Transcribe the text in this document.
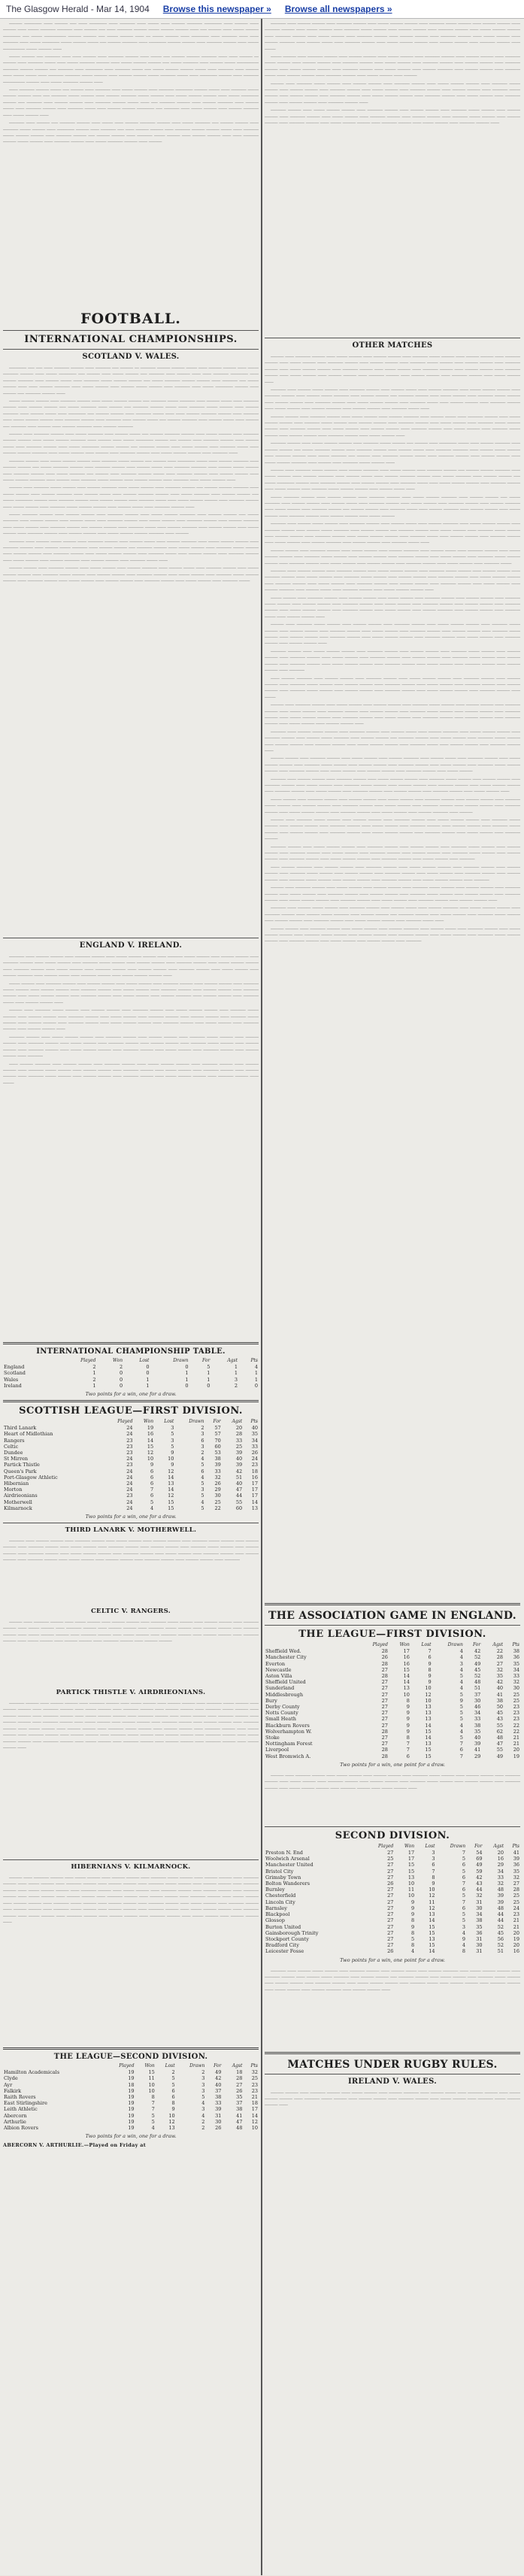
The Glasgow Herald - Mar 14, 1904 Browse this newspaper » Browse all newspapers »

______ ________ ____ ______ ___ ____ ________ ____ _______ ____ _____ ____ ______ _______ ________ ____ ______ ____ ______ ____ _____ _______ _______ ____ ______ ___ ____ _______ ______ _____ ______ ______ ____ ___ ______ ____ _____ ______ ________ ___ _____ __________ ______ ______ ___ _____ ______ ____ __ _____ ______ ____ ________ ____ _______ ____ ____ _______ ____ _____ ________ _____ ______ _____ ___ ______ _______ ____ ________ ______ ______ ____ _______ ______ ____ _____ __________ _____ ______ ____

_____ ______ ___ _______ ____ ____ ______ ____ _______ ______ ____ _____ ___ ______ ______ _______ ____ ____ ______ __ ______ ____ _______ _____ ____ _____ _______ ______ ____ _____ ______ ______ ___ _____ _______ ____ ______ _____ __________ _______ ______ ______ ___ _______ ____ ________ ____ _______ _____ ___ _____ ______ ______ _____ ____ _______ ____ ______ ____ _____ _____ ____ _______ _______ _____ ______ ____ ______ ______ _____ _______ _____ ____ ________ ______ ____ _______ __________ ______ ____ _____ _______ ______ ____

____ _______ ______ _____ ___ ______ ____ _______ ____ _____ ______ ____ _______ ________ ______ _____ ____ _______ _____ ______ ______ ____ ___ _______ _____ ______ ____ ______ _______ _____ ______ ____ _____ ______ ______ ____ _____ ________ ______ ___ _______ ____ ______ ______ ____ _______ ______ _____ ____ ___ _______ ______ ____ ______ _______ ____ ______ _____ ____ _______ ______ ____ _______ _____ ____ ______ ______ ________ ___ _______ ____ _____ ______ ____ ______ _______ ____ _____ ______ ____

_______ ____ ______ ___ _______ ______ ____ _____ ____ ______ _______ ______ ____ _____ _______ ___ ______ ______ ____ _______ _____ ______ ____ ________ ______ ____ _______ ___ ____ ______ ______ ____ _______ ______ ______ _____ ____ _______ _____ ______ ______ ____ _______ ______ ___ ______ ______ ____ _______ _____ ______ ____ ______ ______ ____ ____ _______ ______ _____ ______ ____ _______ ______ ____ _____ _______ ______ ____ ______

FOOTBALL.
INTERNATIONAL CHAMPIONSHIPS.
SCOTLAND V. WALES.

________ ___ ___ ____ _______ ______ ____ _______ ___ ______ __ _______ ______ ______ _____ ____ ______ ______ ____ _____ _______ ______ ____ _____ ________ ___ ______ ____ _____ ______ ___ _______ ____ ______ ____ ____ _______ ________ ____ ______ _______ ____ ______ _____ ____ _______ _____ ______ ______ ___ _____ _______ ______ ______ ____ _______ ___ _____ ______ ____ ____ ______ _______ ____ _____ ______ ____ ______ _____ ______ ____ _______ ____ _____ ________ ______ ____ ______ ___ _______ ______ ____

_____ ______ ______ ____ _______ ______ ____ _____ ______ ______ ___ _______ _____ _______ ____ ______ _____ ____ _______ ______ ____ ______ ______ ___ _____ _______ ____ ______ ___ _______ ______ _____ ____ _______ _____ ______ ____ ______ _______ ____ ______ _____ ____ ________ ___ ______ ______ ____ _______ _____ ____ ____ ______ _______ ______ ____ _______ ____ _____ ______ ______ ____ _______ ______ ____ _______ ____ ______ _____ ___ ______ _______ ____ ______ _____ ____ ______ ___ _______ ____ ______ ____ ______ _______ ____ ______ _______

______ ____ _______ ______ ____ _____ _______ ____ ______ _____ ___ ______ _______ ______ ____ _____ ______ ____ _______ ______ ______ ____ _____ ______ _______ ____ ______ ____ _____ ________ ______ ___ ______ ____ _______ ______ ____ ______ _____ ____ _______ ______ ____ _____ ________ ______ ______ ___ _______ ______ ____ _____ ______ ____ _______ _____ ____ ______ ______ _______ ____ _____ ______ ____ ______ ____ _______ ______ ____ _____ ______ ______ ____ _______ ____

_______ ______ ____ _____ ______ ______ ____ _______ _____ ______ ___ ______ ____ ________ _____ ____ ______ _______ ____ ______ ______ ___ _____ _______ ______ ____ _______ ______ ____ ______ _____ ____ _______ _______ ____ ______ _____ ______ ____ _______ ______ ____ _____ _______ ___ ______ ____ _______ ______ _____ ____ _______ ______ ____ ______ ______ ____ _____ ______ _______ ____ ______ ____ _______ _____ ______ ____ ______ ______ ____ _______ ____ _____ ______ ____

______ ____ _______ _____ ______ ____ ______ _______ ____ _____ ______ ____ _______ ______ ___ ______ ______ _______ ____ _____ ______ ____ ______ _______ ____ ______ _____ ____ ______ _______ ______ ____ _____ _______ ____ ______ ______ ___ _____ ________ ______ ____ _______ ______ ____ ______ ______ ____ _______ _____ ____ _____ ______ ______ ____ _______ ______ ____ _____ ______ ____ _______ _____ ______ ______ ____ ______ _____ ____ _______ ______ ____

_____ _______ ______ ____ ______ ______ ____ _______ ______ ____ _____ ______ _______ ____ ______ ______ ___ _____ _______ ____ ______ ______ ____ ______ _____ ____ _______ ______ ____ _____ ______ ____ _______ ______ ____ ______ _______ ____ _____ ______ ____ _______ ______ ___ ______ ______ ____ _______ _____ ____ ______ _______ ____ ______ ______ ____ _____ ______ ____ _______ ______ ____ ______ ______ ____ _____ ______ ______ _______ ____ ______

_______ ____ ______ _____ ______ ____ _______ ______ ____ ______ _____ ____ ______ _______ ____ _____ ______ ______ ____ _______ ______ ____ ______ _____ _______ ____ ______ ______ ___ _______ ______ ____ _____ ______ ____ _______ _____ ______ ____ ______ ______ ____ _______ ______ ____ _____ ______ ______ ____ _______ _____ ____ ______ ______ ____ _______ ______ ____ _____ ______ ____ ______ _______ ____ ______ ______ ____ _______ _____ ____

______ ______ ____ _______ ______ ____ _____ ______ ____ ______ _______ ____ ______ _____ ____ _______ ______ ____ _____ ______ ______ ____ _______ _____ ______ ____ ______ ______ ____ _______ ______ ____ _____ ______ ____ _______ _____ ______ ______ ____ _______ ______ ____ _____ ______ ____ ______ ______ ____ _______ ______ ____ _____ ______ ____ _______ _____

ENGLAND V. IRELAND.

_______ ____ ______ ______ ____ _______ ______ ____ _____ ______ ______ ____ _______ _____ ______ ____ ______ ______ ____ _______ ______ ____ _____ ______ ____ _______ _____ ______ ____ ______ ______ ____ _______ ______ ____ _____ ______ ______ ____ _______ ______ ____ _____ ______ ____ _______ ______ ____ ______ ______ ____ _______ ______ ____ _____ ______ ____ ______ _______ ____ ______ _____ ____ _______ ______ ____ _____ ______ ______ ____

_____ ______ ____ _______ ______ ____ ______ ______ ____ _____ ______ ____ _______ ______ ____ ______ ______ ____ _______ _____ ______ ____ ______ ______ ____ _______ ______ ____ _____ ______ ____ _______ ______ ____ ______ ______ ____ _______ ______ ____ _____ ______ ______ ____ _______ ______ ____ _____ ______ ____ ______ _______ ____ ______ ______ ____ _______ _____ ____ ______ ______ ____

______ ____ _______ _____ ______ ____ ______ ______ ____ _______ ______ ____ _____ ______ ______ ____ _______ _____ ______ ____ ______ ______ ____ _______ ______ ____ _____ ______ ____ _______ ______ ____ ______ ______ ____ _______ _____ ______ ____ ______ ______ ____ _______ ______ ____ _____ ______ ______ ____ _______ ______ ____ _____ ______ ____ _______ ______ ____ ______ ______ ____

_______ ______ ____ _____ ______ ______ ____ _______ ______ ____ ______ ______ ____ _______ _____ ______ ____ ______ ______ ____ _______ ______ ____ _____ ______ ____ _______ ______ ____ ______ ______ ____ _______ _____ ______ ____ ______ ______ ____ _______ ______ ____ _____ ______ ______ ____ _______ ______ ____ _____ ______ ____ _______ ______ ____ ______ ______ ____ _______

____ ______ _______ ____ ______ ______ ____ _______ ______ ____ _____ ______ ______ ____ _______ ______ ____ ______ ______ ____ _______ _____ ______ ____ ______ ______ ____ _______ ______ ____ _____ ______ ____ _______ ______ ____ ______ ______ ____ _______ _____ ______ ____ ______ ______ ____ _______ ______ ____ _____ ______ ______ ____ _______ ______ ____ _____

INTERNATIONAL CHAMPIONSHIP TABLE.
	Played	Won	Lost	Drawn	For	Agst	Pts
England	2	2	0	0	5	1	4
Scotland	1	0	0	1	1	1	1
Wales	2	0	1	1	1	3	1
Ireland	1	0	1	0	0	2	0
Two points for a win, one for a draw.
SCOTTISH LEAGUE—FIRST DIVISION.
	Played	Won	Lost	Drawn	For	Agst	Pts
Third Lanark	24	19	3	2	57	20	40
Heart of Midlothian	24	16	5	3	57	28	35
Rangers	23	14	3	6	70	33	34
Celtic	23	15	5	3	60	25	33
Dundee	23	12	9	2	53	39	26
St Mirren	24	10	10	4	38	40	24
Partick Thistle	23	9	9	5	39	39	23
Queen's Park	24	6	12	6	33	42	18
Port-Glasgow Athletic	24	6	14	4	32	51	16
Hibernian	24	6	13	5	26	40	17
Morton	24	7	14	3	29	47	17
Airdrieonians	23	6	12	5	30	44	17
Motherwell	24	5	15	4	25	55	14
Kilmarnock	24	4	15	5	22	60	13
Two points for a win, one for a draw.
THIRD LANARK V. MOTHERWELL.

_______ ____ ______ ______ ____ _______ ______ ____ _____ ______ ____ ______ ______ ____ _______ _____ ______ ____ ______ ______ ____ _______ ______ ____ _____ ______ ____ _______ ______ ____ ______ ______ ____ _______ _____ ______ ____ ______ ______ ____ _______ ______ ____ _____ ______ ______ ____ _______ ______ ____ _____ ______ ____ _______ ______ ____ ______ ______ ____ _______ ______ ____ _____ ______ ____ ______ ______ ____ _______ ______ ____ ______ ______ ____ _______

CELTIC V. RANGERS.

______ ____ _______ ______ ____ _____ ______ ____ ______ ______ ____ _______ _____ ______ ____ ______ ______ ____ _______ ______ ____ _____ ______ ____ _______ ______ ____ ______ ______ ____ _______ _____ ______ ____ ______ ______ ____ _______ ______ ____ _____ ______ ______ ____ _______ ______ ____ _____ ______ ____ _______ ______ ____ ______ ______ ____ _______ ______ ____ _____ ______ ____ ______ ______ ____ _______ ______ ____ ______ ______

PARTICK THISTLE V. AIRDRIEONIANS.

_______ ______ ____ ______ ______ ____ _______ ______ ____ _____ ______ ____ ______ ______ ____ _______ _____ ______ ____ ______ ______ ____ _______ ______ ____ _____ ______ ____ _______ ______ ____ ______ ______ ____ _______ _____ ______ ____ ______ ______ ____ _______ ______ ____ _____ ______ ______ ____ _______ ______ ____ _____ ______ ____ _______ ______ ____ ______ ______ ____ _______ ______ ____ _____ ______ ____ ______ ______ ____ _______ ______ ____ ______ ______ ____ _______ ______ ____ _____ ______ ____ ______ ______ ____ _______ _____ ______ ____ ______ ______ ____ _______ ______ ____ _____ ______ ____ _______ ______ ____ ______ ______ ____ _______ _____ ______ ____ ______ ______ ____ _______ ______ ____ _____ ______ ______ ____ _______ ______ ____ _____ ______ ____ _______ ______ ____ ______ ______ ____ _______ ______ ____ _____ ______ ____

HIBERNIANS V. KILMARNOCK.

______ ____ _______ ______ ____ _____ ______ ____ ______ ______ ____ _______ _____ ______ ____ ______ ______ ____ _______ ______ ____ _____ ______ ____ _______ ______ ____ ______ ______ ____ _______ _____ ______ ____ ______ ______ ____ _______ ______ ____ _____ ______ ______ ____ _______ ______ ____ _____ ______ ____ _______ ______ ____ ______ ______ ____ _______ ______ ____ _____ ______ ____ ______ ______ ____ _______ ______ ____ ______ ______ ____ _______ ______ ____ _____ ______ ____ ______ ______ ____ _______ _____ ______ ____ ______ ______ ____ _______ ______ ____ _____ ______ ____ _______ ______ ____ ______ ______ ____ _______ _____ ______ ____ ______ ______ ____ _______ ______ ____ _____ ______ ______ ____ _______ ______ ____ _____ ______ ____ _______ ______ ____ ______ ______ ____ _______ ______ ____ _____ ______ ____ ______ ______ ____

THE LEAGUE—SECOND DIVISION.
	Played	Won	Lost	Drawn	For	Agst	Pts
Hamilton Academicals	19	15	2	2	49	18	32
Clyde	19	11	5	3	42	28	25
Ayr	18	10	5	3	40	27	23
Falkirk	19	10	6	3	37	26	23
Raith Rovers	19	8	6	5	38	35	21
East Stirlingshire	19	7	8	4	33	37	18
Leith Athletic	19	7	9	3	39	38	17
Abercorn	19	5	10	4	31	41	14
Arthurlie	19	5	12	2	30	47	12
Albion Rovers	19	4	13	2	26	48	10
Two points for a win, one for a draw.
ABERCORN V. ARTHURLIE.—Played on Friday at

_______ ____ ______ ______ ____ _______ ______ ____ _____ ______ ______ ____ _______ _____ ______ ____ ______ ______ ____ _______ ______ ____ _____ ______ ____ _______ _____ ______ ____ ______ ______ ____ _______ ______ ____ _____ ______ ______ ____ _______ ______ ____ _____ ______ ____ _______ ______ ____ ______ ______ ____ _______ ______ ____ _____ ______ ____ ______ _______ ____ ______ _____ ____ _______ ______ ____ _____ ______ ______ ____ ______ ______ ____ _______ ______ ____ _____

_____ ______ ____ _______ ______ ____ ______ ______ ____ _____ ______ ____ _______ ______ ____ ______ ______ ____ _______ _____ ______ ____ ______ ______ ____ _______ ______ ____ _____ ______ ____ _______ ______ ____ ______ ______ ____ _______ ______ ____ _____ ______ ______ ____ _______ ______ ____ _____ ______ ____ ______ _______ ____ ______ ______ ____ _______ _____ ____ ______ ______ ____ _______ ______ ____ _____ ______ ____ ______

______ ____ _______ _____ ______ ____ ______ ______ ____ _______ ______ ____ _____ ______ ______ ____ _______ _____ ______ ____ ______ ______ ____ _______ ______ ____ _____ ______ ____ _______ ______ ____ ______ ______ ____ _______ _____ ______ ____ ______ ______ ____ _______ ______ ____ _____ ______ ______ ____ _______ ______ ____ _____ ______ ____ _______ ______ ____ ______ ______ ____ _______ ______ ____

_______ ______ ____ _____ ______ ______ ____ _______ ______ ____ ______ ______ ____ _______ _____ ______ ____ ______ ______ ____ _______ ______ ____ _____ ______ ____ _______ ______ ____ ______ ______ ____ _______ _____ ______ ____ ______ ______ ____ _______ ______ ____ _____ ______ ______ ____ _______ ______ ____ _____ ______ ____ _______ ______ ____

OTHER MATCHES

______ ____ _______ ______ ____ _____ ______ ____ ______ ______ ____ _______ _____ ______ ____ ______ ______ ____ _______ ______ ____ _____ ______ ____ _______ ______ ____ ______ ______ ____ _______ _____ ______ ____ ______ ______ ____ _______ ______ ____ _____ ______ ______ ____ _______ ______ ____ _____ ______ ____ _______ ______ ____ ______ ______ ____ _______ ______ ____ _____ ______ ____ ______ ______ ____ _______ ______ ____ ______ ______ ____ _______ ______ ____ _____ ______ ____

_______ ____ ______ _____ ______ ____ _______ ______ ____ ______ _____ ____ ______ _______ ____ _____ ______ ______ ____ _______ ______ ____ ______ _____ _______ ____ ______ ______ ___ _______ ______ ____ _____ ______ ____ _______ _____ ______ ____ ______ ______ ____ _______ ______ ____ _____ ______ ______ ____ _______ _____ ____ ______ ______ ____ _______ ______ ____ _____ ______ ____ ______ _______ ____ ______ ______ ____ _______ _____ ____

______ ______ ____ _______ ______ ____ _____ ______ ____ ______ _______ ____ ______ _____ ____ _______ ______ ____ _____ ______ ______ ____ _______ _____ ______ ____ ______ ______ ____ _______ ______ ____ _____ ______ ____ _______ _____ ______ ______ ____ _______ ______ ____ _____ ______ ____ ______ ______ ____ _______ ______ ____ _____ ______ ____ _______ _____ ______ ____ ______ ______ ____ _______ ______ ____ _____ ______ ____

_______ ______ ____ _____ ______ ______ ____ _______ _____ ______ ___ ______ ____ ________ _____ ____ ______ _______ ____ ______ ______ ___ _____ _______ ______ ____ _______ ______ ____ ______ _____ ____ _______ _______ ____ ______ _____ ______ ____ _______ ______ ____ _____ _______ ___ ______ ____ _______ ______ _____ ____ _______ ______ ____ ______ ______ ____ _____ ______ _______ ____ ______ ____ _______ _____ ______ ____

______ ____ _______ _____ ______ ____ ______ _______ ____ _____ ______ ____ _______ ______ ___ ______ ______ _______ ____ _____ ______ ____ ______ _______ ____ ______ _____ ____ ______ _______ ______ ____ _____ _______ ____ ______ ______ ___ _____ ________ ______ ____ _______ ______ ____ ______ ______ ____ _______ _____ ____ _____ ______ ______ ____ _______ ______ ____ _____ ______ ____ _______ _____ ______ ______ ____ ______ _____ ____

_____ _______ ______ ____ ______ ______ ____ _______ ______ ____ _____ ______ _______ ____ ______ ______ ___ _____ _______ ____ ______ ______ ____ ______ _____ ____ _______ ______ ____ _____ ______ ____ _______ ______ ____ ______ _______ ____ _____ ______ ____ _______ ______ ___ ______ ______ ____ _______ _____ ____ ______ _______ ____ ______ ______ ____ _____ ______ ____ _______ ______ ____ ______ ______ ____ _____ ______

_______ ____ ______ _____ ______ ____ _______ ______ ____ ______ _____ ____ ______ _______ ____ _____ ______ ______ ____ _______ ______ ____ ______ _____ _______ ____ ______ ______ ___ _______ ______ ____ _____ ______ ____ _______ _____ ______ ____ ______ ______ ____ _______ ______ ____ _____ ______ ______ ____ _______ _____ ____ ______ ______ ____ _______ ______ ____ _____ ______ ____ ______ _______ ____ ______ ______ ____ _______ _____ ____

______ ______ ____ _______ ______ ____ _____ ______ ____ ______ _______ ____ ______ _____ ____ _______ ______ ____ _____ ______ ______ ____ _______ _____ ______ ____ ______ ______ ____ _______ ______ ____ _____ ______ ____ _______ _____ ______ ______ ____ _______ ______ ____ _____ ______ ____ ______ ______ ____ _______ ______ ____ _____ ______ ____ _______ _____

_______ ____ ______ ______ ____ _______ ______ ____ _____ ______ ______ ____ _______ _____ ______ ____ ______ ______ ____ _______ ______ ____ _____ ______ ____ _______ _____ ______ ____ ______ ______ ____ _______ ______ ____ _____ ______ ______ ____ _______ ______ ____ _____ ______ ____ _______ ______ ____ ______ ______ ____ _______ ______ ____ _____ ______ ____ ______ _______ ____ ______ _____ ____ _______ ______ ____ _____ ______ ______ ____

_____ ______ ____ _______ ______ ____ ______ ______ ____ _____ ______ ____ _______ ______ ____ ______ ______ ____ _______ _____ ______ ____ ______ ______ ____ _______ ______ ____ _____ ______ ____ _______ ______ ____ ______ ______ ____ _______ ______ ____ _____ ______ ______ ____ _______ ______ ____ _____ ______ ____ ______ _______ ____ ______ ______ ____ _______ _____ ____ ______ ______ ____

______ ____ _______ _____ ______ ____ ______ ______ ____ _______ ______ ____ _____ ______ ______ ____ _______ _____ ______ ____ ______ ______ ____ _______ ______ ____ _____ ______ ____ _______ ______ ____ ______ ______ ____ _______ _____ ______ ____ ______ ______ ____ _______ ______ ____ _____ ______ ______ ____ _______ ______ ____ _____ ______ ____ _______ ______ ____ ______ ______ ____

_______ ______ ____ _____ ______ ______ ____ _______ ______ ____ ______ ______ ____ _______ _____ ______ ____ ______ ______ ____ _______ ______ ____ _____ ______ ____ _______ ______ ____ ______ ______ ____ _______ _____ ______ ____ ______ ______ ____ _______ ______ ____ _____ ______ ______ ____ _______ ______ ____ _____ ______ ____ _______ ______ ____ ______ ______ ____ _______

____ ______ _______ ____ ______ ______ ____ _______ ______ ____ _____ ______ ______ ____ _______ ______ ____ ______ ______ ____ _______ _____ ______ ____ ______ ______ ____ _______ ______ ____ _____ ______ ____ _______ ______ ____ ______ ______ ____ _______ _____ ______ ____ ______ ______ ____ _______ ______ ____ _____ ______ ______ ____ _______ ______ ____ _____

______ ____ _______ ______ ____ _____ ______ ____ ______ ______ ____ _______ _____ ______ ____ ______ ______ ____ _______ ______ ____ _____ ______ ____ _______ ______ ____ ______ ______ ____ _______ _____ ______ ____ ______ ______ ____ _______ ______ ____ _____ ______ ______ ____ _______ ______ ____ _____ ______ ____ _______ ______ ____ ______ ______ ____ _______ ______ ____ _____ ______ ____ ______ ______ ____

_______ ____ ______ _____ ______ ____ _______ ______ ____ ______ _____ ____ ______ _______ ____ _____ ______ ______ ____ _______ ______ ____ ______ _____ _______ ____ ______ ______ ___ _______ ______ ____ _____ ______ ____ _______ _____ ______ ____ ______ ______ ____ _______ ______ ____ _____ ______ ______ ____ _______ _____ ____ ______ ______ ____ _______ ______ ____

______ ______ ____ _______ ______ ____ _____ ______ ____ ______ _______ ____ ______ _____ ____ _______ ______ ____ _____ ______ ______ ____ _______ _____ ______ ____ ______ ______ ____ _______ ______ ____ _____ ______ ____ _______ _____ ______ ______ ____ _______ ______ ____ _____ ______ ____ ______ ______ ____ _______ ______ ____ _____ ______

_______ ____ ______ ______ ____ _______ ______ ____ _____ ______ ______ ____ _______ _____ ______ ____ ______ ______ ____ _______ ______ ____ _____ ______ ____ _______ _____ ______ ____ ______ ______ ____ _______ ______ ____ _____ ______ ______ ____ _______ ______ ____ _____ ______ ____ _______ ______ ____ ______ ______ ____ _______ ______ ____ _____ ______ ____

_____ ______ ____ _______ ______ ____ ______ ______ ____ _____ ______ ____ _______ ______ ____ ______ ______ ____ _______ _____ ______ ____ ______ ______ ____ _______ ______ ____ _____ ______ ____ _______ ______ ____ ______ ______ ____ _______ ______ ____ _____ ______ ______ ____ _______ ______ ____ _____ ______ ____ ______ _______ ____ ______

______ ____ _______ _____ ______ ____ ______ ______ ____ _______ ______ ____ _____ ______ ______ ____ _______ _____ ______ ____ ______ ______ ____ _______ ______ ____ _____ ______ ____ _______ ______ ____ ______ ______ ____ _______ _____ ______ ____ ______ ______ ____ _______ ______ ____ _____ ______ ______ ____ _______ ______ ____ _____ ______ ____ _______ ______

_______ ______ ____ _____ ______ ______ ____ _______ ______ ____ ______ ______ ____ _______ _____ ______ ____ ______ ______ ____ _______ ______ ____ _____ ______ ____ _______ ______ ____ ______ ______ ____ _______ _____ ______ ____ ______ ______ ____ _______ ______ ____ _____ ______ ______ ____ _______ ______ ____ _____ ______ ____ _______

____ ______ _______ ____ ______ ______ ____ _______ ______ ____ _____ ______ ______ ____ _______ ______ ____ ______ ______ ____ _______ _____ ______ ____ ______ ______ ____ _______ ______ ____ _____ ______ ____ _______ ______ ____ ______ ______ ____ _______ _____ ______ ____ ______ ______ ____ _______ ______ ____ _____ ______ ______ ____ _______

______ ____ _______ ______ ____ _____ ______ ____ ______ ______ ____ _______ _____ ______ ____ ______ ______ ____ _______ ______ ____ _____ ______ ____ _______ ______ ____ ______ ______ ____ _______ _____ ______ ____ ______ ______ ____ _______ ______ ____ _____ ______ ______ ____ _______ ______ ____ _____ ______ ____ _______ ______ ____ ______ ______ ____

_______ ____ ______ _____ ______ ____ _______ ______ ____ ______ _____ ____ ______ _______ ____ _____ ______ ______ ____ _______ ______ ____ ______ _____ _______ ____ ______ ______ ___ _______ ______ ____ _____ ______ ____ _______ _____ ______ ____ ______ ______ ____ _______ ______ ____ _____ ______ ______ ____ _______ _____ ____

______ ______ ____ _______ ______ ____ _____ ______ ____ ______ _______ ____ ______ _____ ____ _______ ______ ____ _____ ______ ______ ____ _______ _____ ______ ____ ______ ______ ____ _______ ______ ____ _____ ______ ____ _______ _____ ______ ______ ____ _______ ______ ____ _____ ______ ____ ______ ______ ____ _______

THE ASSOCIATION GAME IN ENGLAND.
THE LEAGUE—FIRST DIVISION.
	Played	Won	Lost	Drawn	For	Agst	Pts
Sheffield Wed.	28	17	7	4	42	22	38
Manchester City	26	16	6	4	52	28	36
Everton	28	16	9	3	49	27	35
Newcastle	27	15	8	4	45	32	34
Aston Villa	28	14	9	5	52	35	33
Sheffield United	27	14	9	4	48	42	32
Sunderland	27	13	10	4	51	40	30
Middlesbrough	27	10	12	5	37	41	25
Bury	27	8	10	9	30	38	25
Derby County	27	9	13	5	46	50	23
Notts County	27	9	13	5	34	45	23
Small Heath	27	9	13	5	33	43	23
Blackburn Rovers	27	9	14	4	38	55	22
Wolverhampton W.	28	9	15	4	35	62	22
Stoke	27	8	14	5	40	48	21
Nottingham Forest	27	7	13	7	39	47	21
Liverpool	28	7	15	6	41	55	20
West Bromwich A.	28	6	15	7	29	49	19
Two points for a win, one point for a draw.

______ ____ _______ ______ ____ _____ ______ ____ ______ ______ ____ _______ _____ ______ ____ ______ ______ ____ _______ ______ ____ _____ ______ ____ _______ ______ ____ ______ ______ ____ _______ _____ ______ ____ ______ ______ ____ _______ ______ ____ _____ ______ ______ ____ _______ ______ ____ _____ ______ ____

SECOND DIVISION.
	Played	Won	Lost	Drawn	For	Agst	Pts
Preston N. End	27	17	3	7	54	20	41
Woolwich Arsenal	25	17	3	5	69	16	39
Manchester United	27	15	6	6	49	29	36
Bristol City	27	15	7	5	59	34	35
Grimsby Town	27	13	8	6	42	33	32
Bolton Wanderers	26	10	9	7	43	32	27
Burnley	27	11	10	6	44	48	28
Chesterfield	27	10	12	5	32	39	25
Lincoln City	27	9	11	7	31	39	25
Barnsley	27	9	12	6	30	48	24
Blackpool	27	9	13	5	34	44	23
Glossop	27	8	14	5	38	44	21
Burton United	27	9	15	3	35	52	21
Gainsborough Trinity	27	8	15	4	36	45	20
Stockport County	27	5	13	9	31	56	19
Bradford City	27	8	15	4	30	52	20
Leicester Fosse	26	4	14	8	31	51	16
Two points for a win, one point for a draw.

_______ ____ ______ _____ ______ ____ _______ ______ ____ ______ _____ ____ ______ _______ ____ _____ ______ ______ ____ _______ ______ ____ ______ _____ _______ ____ ______ ______ ___ _______ ______ ____ _____ ______ ____ _______ _____ ______ ____ ______ ______ ____ _______ ______ ____ _____ ______ ______ ____ _______ _____ ____ ______ ______ ____ _______ ______ ____ _____ ______ ____ ______ _______ ____ ______ ______ ____

MATCHES UNDER RUGBY RULES.
IRELAND V. WALES.

______ ______ ____ _______ ______ ____ _____ ______ ____ ______ _______ ____ ______ _____ ____ _______ ______ ____ _____ ______ ______ ____ _______ _____ ______ ____ ______ ______ ____ _______ ______ ____ _____ ______ ____ _______ _____ ______ ______ ____
